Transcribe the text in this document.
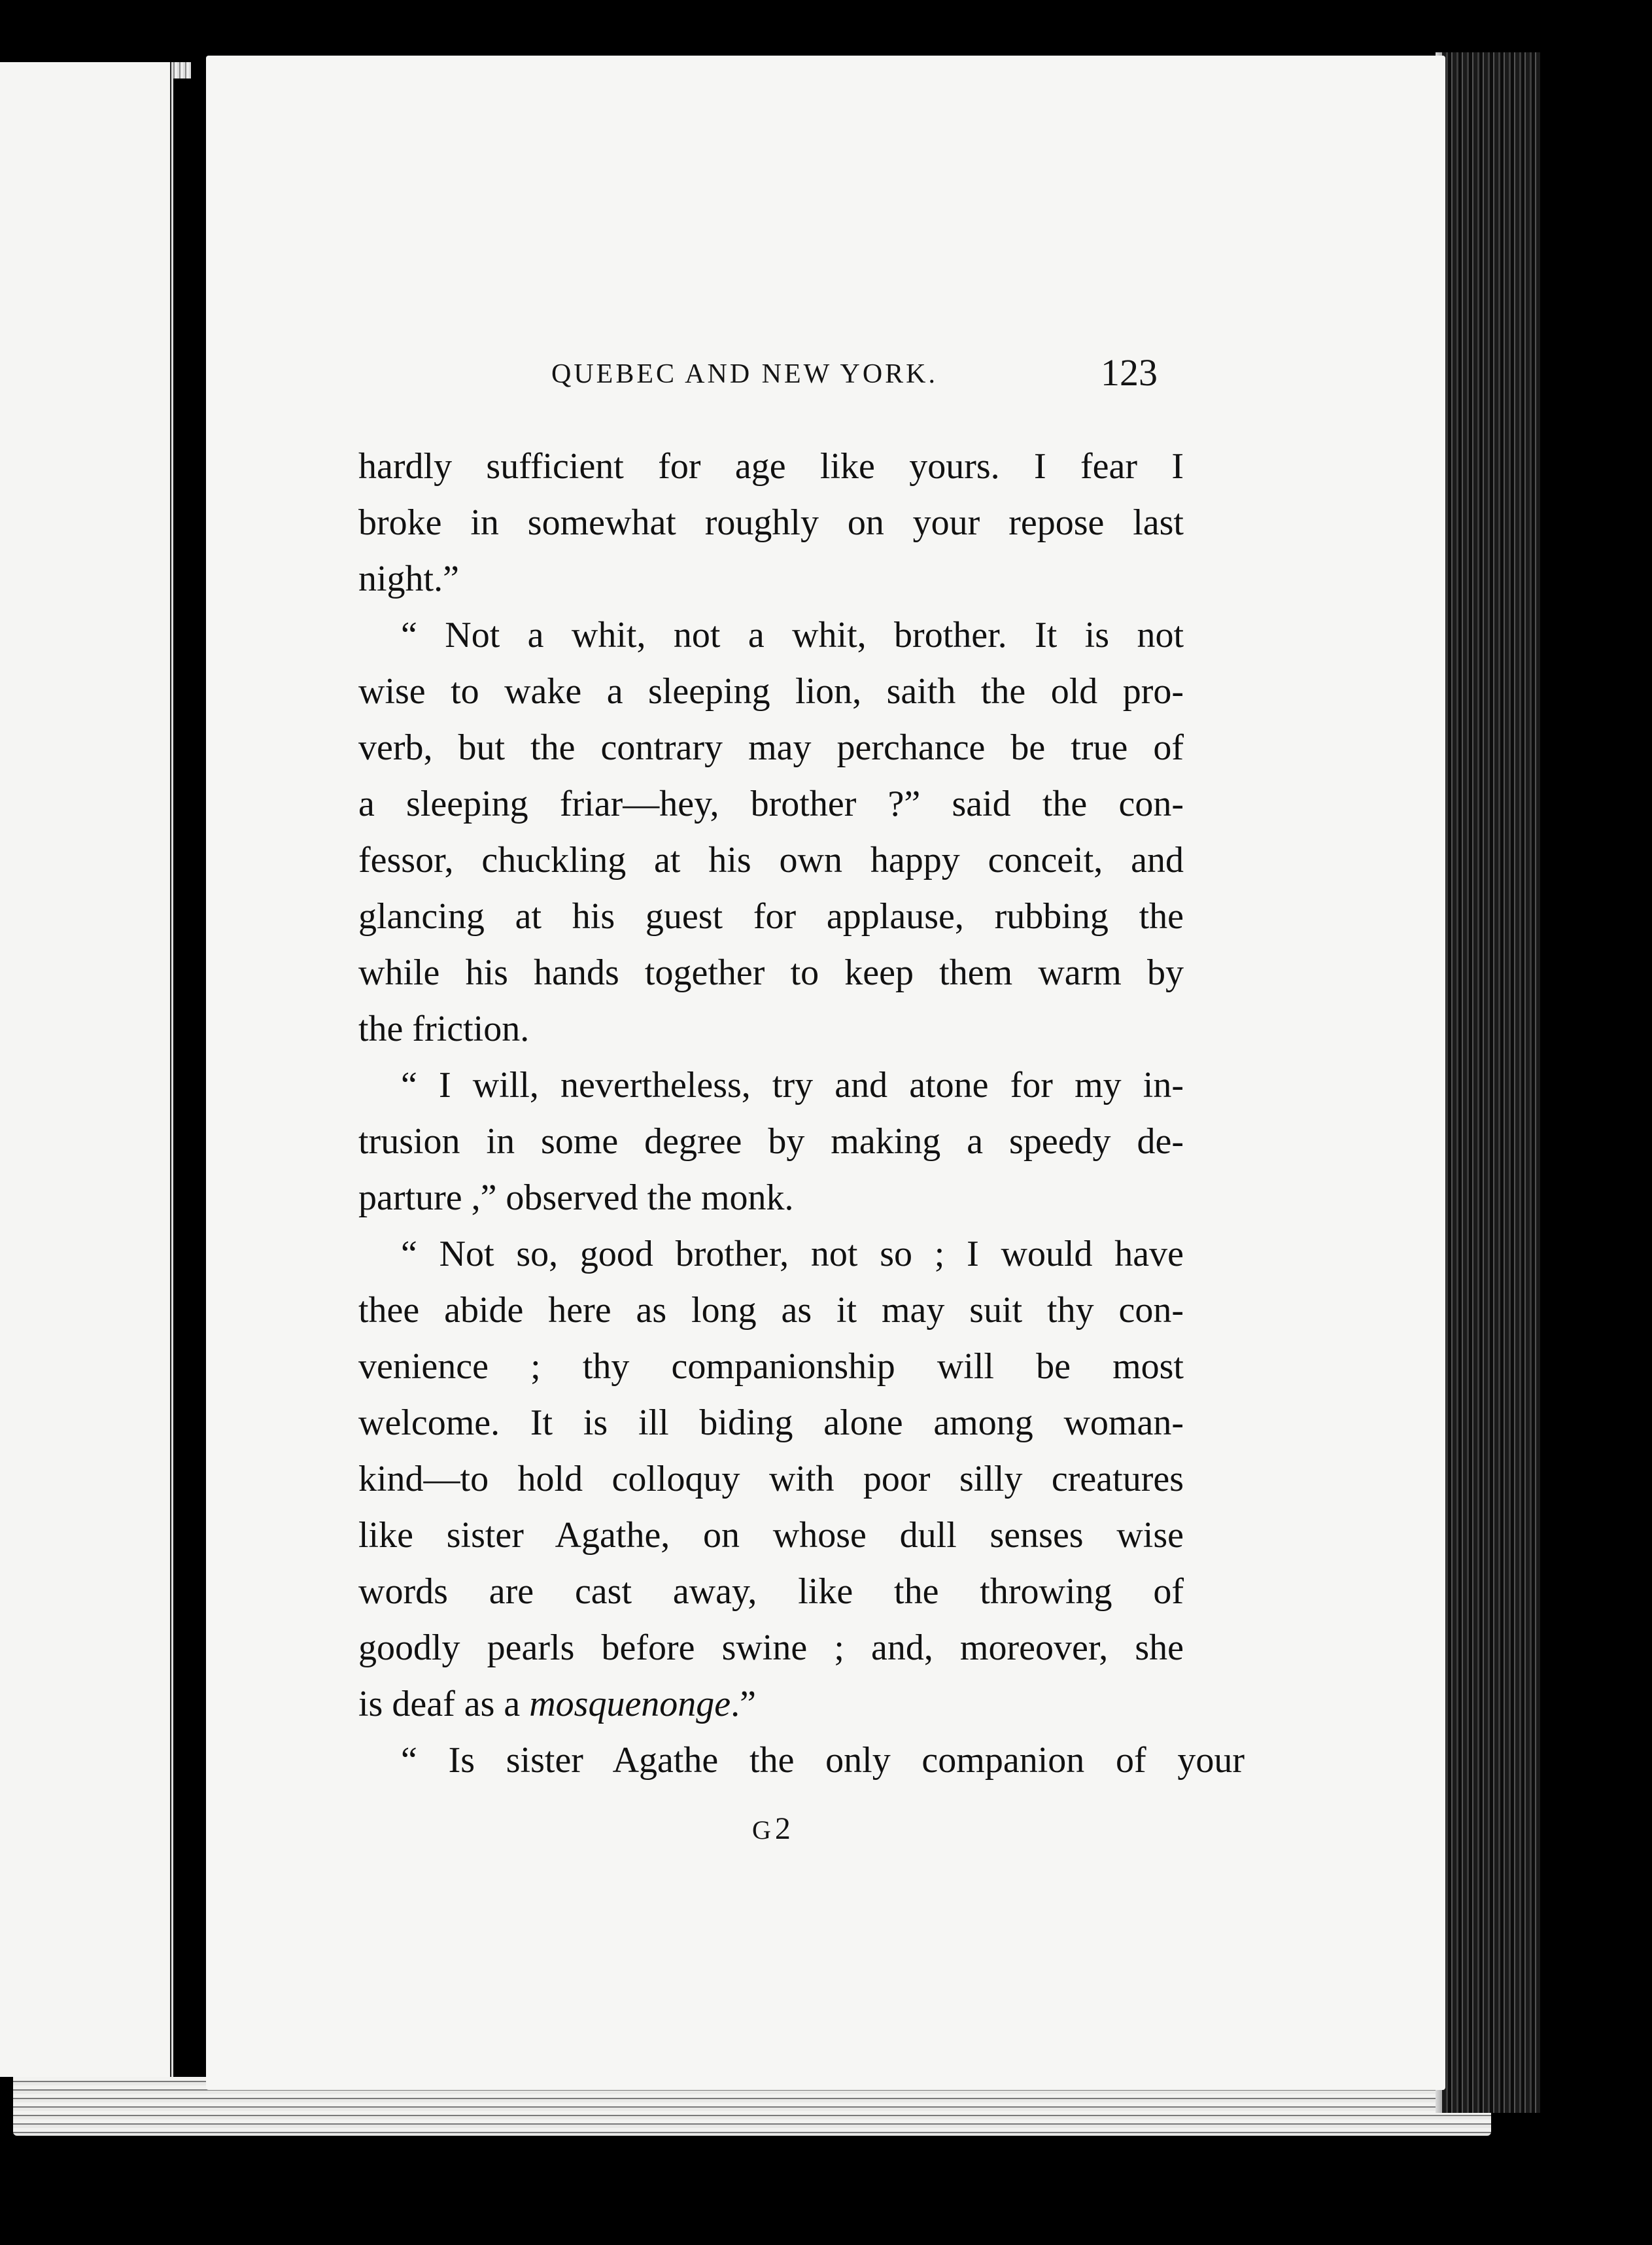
QUEBEC AND NEW YORK.	123
hardly sufficient for age like yours. I fear I
broke in somewhat roughly on your repose last
night.”
“ Not a whit, not a whit, brother. It is not
wise to wake a sleeping lion, saith the old pro-
verb, but the contrary may perchance be true of
a sleeping friar—hey, brother ?” said the con-
fessor, chuckling at his own happy conceit, and
glancing at his guest for applause, rubbing the
while his hands together to keep them warm by
the friction.
“ I will, nevertheless, try and atone for my in-
trusion in some degree by making a speedy de-
parture ,” observed the monk.
“ Not so, good brother, not so ; I would have
thee abide here as long as it may suit thy con-
venience ; thy companionship will be most
welcome. It is ill biding alone among woman-
kind—to hold colloquy with poor silly creatures
like sister Agathe, on whose dull senses wise
words are cast away, like the throwing of
goodly pearls before swine ; and, moreover, she
is deaf as a mosquenonge.”
“ Is sister Agathe the only companion of your
G2
